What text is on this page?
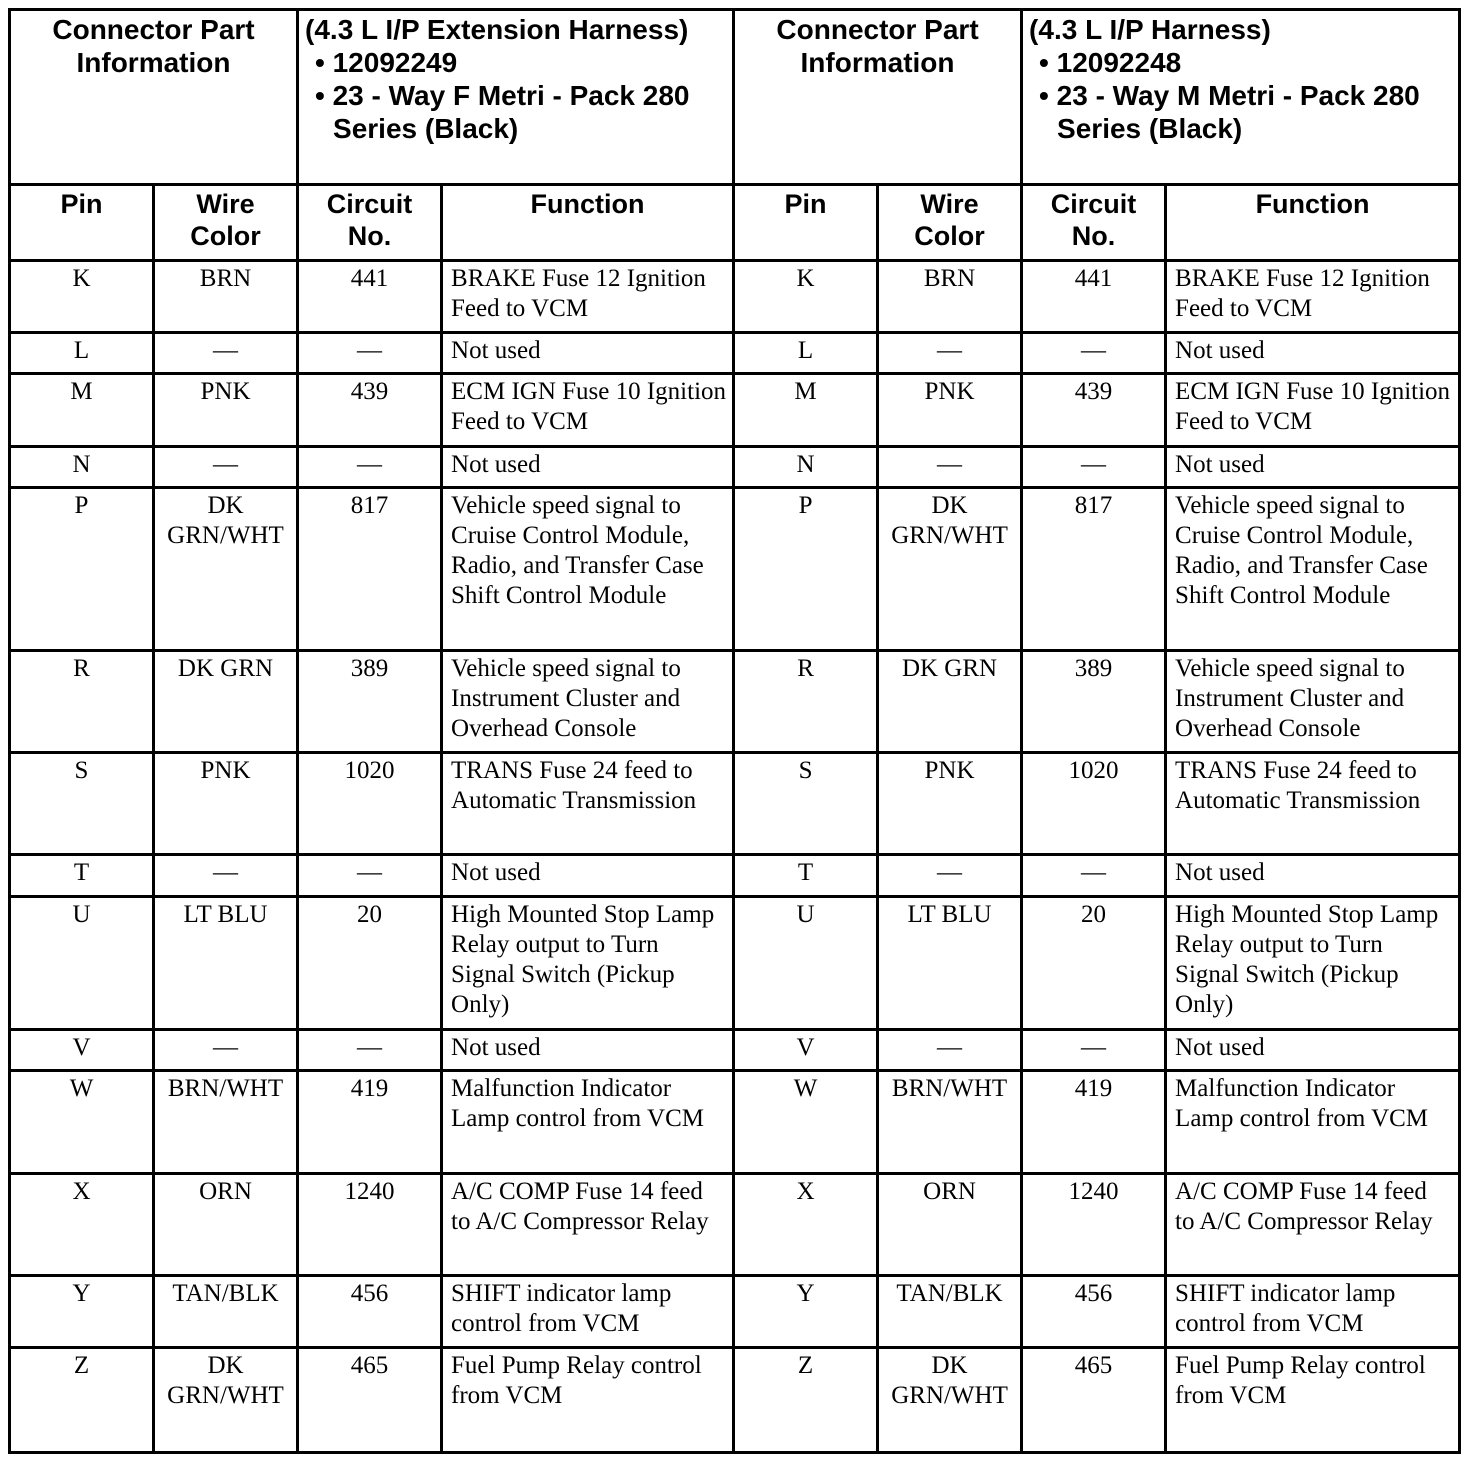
Connector Part Information		(4.3 L I/P Extension Harness)
• 12092249
• 23 - Way F Metri - Pack 280 Series (Black)		Connector Part Information		(4.3 L I/P Harness)
• 12092248
• 23 - Way M Metri - Pack 280 Series (Black)

Pin	Wire Color	Circuit No.	Function	Pin	Wire Color	Circuit No.	Function
K	BRN	441	BRAKE Fuse 12 Ignition Feed to VCM	K	BRN	441	BRAKE Fuse 12 Ignition Feed to VCM
L	—	—	Not used	L	—	—	Not used
M	PNK	439	ECM IGN Fuse 10 Ignition Feed to VCM	M	PNK	439	ECM IGN Fuse 10 Ignition Feed to VCM
N	—	—	Not used	N	—	—	Not used
P	DK GRN/WHT	817	Vehicle speed signal to Cruise Control Module, Radio, and Transfer Case Shift Control Module	P	DK GRN/WHT	817	Vehicle speed signal to Cruise Control Module, Radio, and Transfer Case Shift Control Module
R	DK GRN	389	Vehicle speed signal to Instrument Cluster and Overhead Console	R	DK GRN	389	Vehicle speed signal to Instrument Cluster and Overhead Console
S	PNK	1020	TRANS Fuse 24 feed to Automatic Transmission	S	PNK	1020	TRANS Fuse 24 feed to Automatic Transmission
T	—	—	Not used	T	—	—	Not used
U	LT BLU	20	High Mounted Stop Lamp Relay output to Turn Signal Switch (Pickup Only)	U	LT BLU	20	High Mounted Stop Lamp Relay output to Turn Signal Switch (Pickup Only)
V	—	—	Not used	V	—	—	Not used
W	BRN/WHT	419	Malfunction Indicator Lamp control from VCM	W	BRN/WHT	419	Malfunction Indicator Lamp control from VCM
X	ORN	1240	A/C COMP Fuse 14 feed to A/C Compressor Relay	X	ORN	1240	A/C COMP Fuse 14 feed to A/C Compressor Relay
Y	TAN/BLK	456	SHIFT indicator lamp control from VCM	Y	TAN/BLK	456	SHIFT indicator lamp control from VCM
Z	DK GRN/WHT	465	Fuel Pump Relay control from VCM	Z	DK GRN/WHT	465	Fuel Pump Relay control from VCM
